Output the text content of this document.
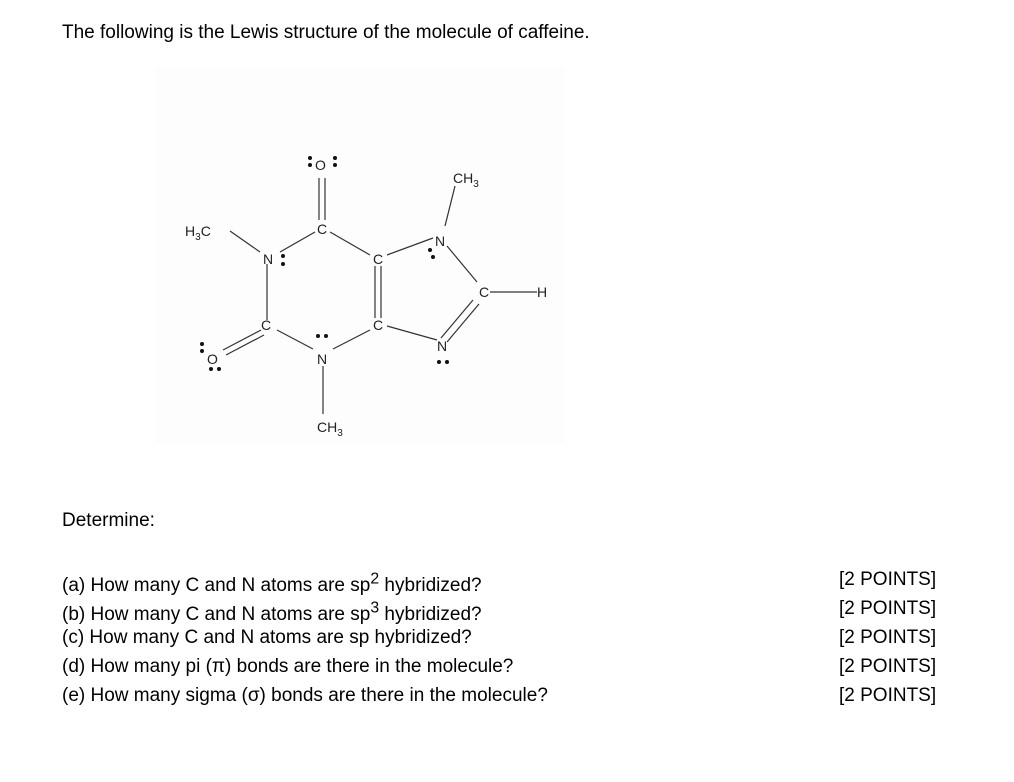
The following is the Lewis structure of the molecule of caffeine.
O
$CH_3$
$H_3C$	C
N
N	C
C	H
C	C
O	N
N
$CH_3$
Determine:
(a) How many C and N atoms are $sp^2$ hybridized?	[2 POINTS]
(b) How many C and N atoms are $sp^3$ hybridized?	[2 POINTS]
(c) How many C and N atoms are sp hybridized?	[2 POINTS]
(d) How many pi (π) bonds are there in the molecule?	[2 POINTS]
(e) How many sigma (σ) bonds are there in the molecule?	[2 POINTS]
